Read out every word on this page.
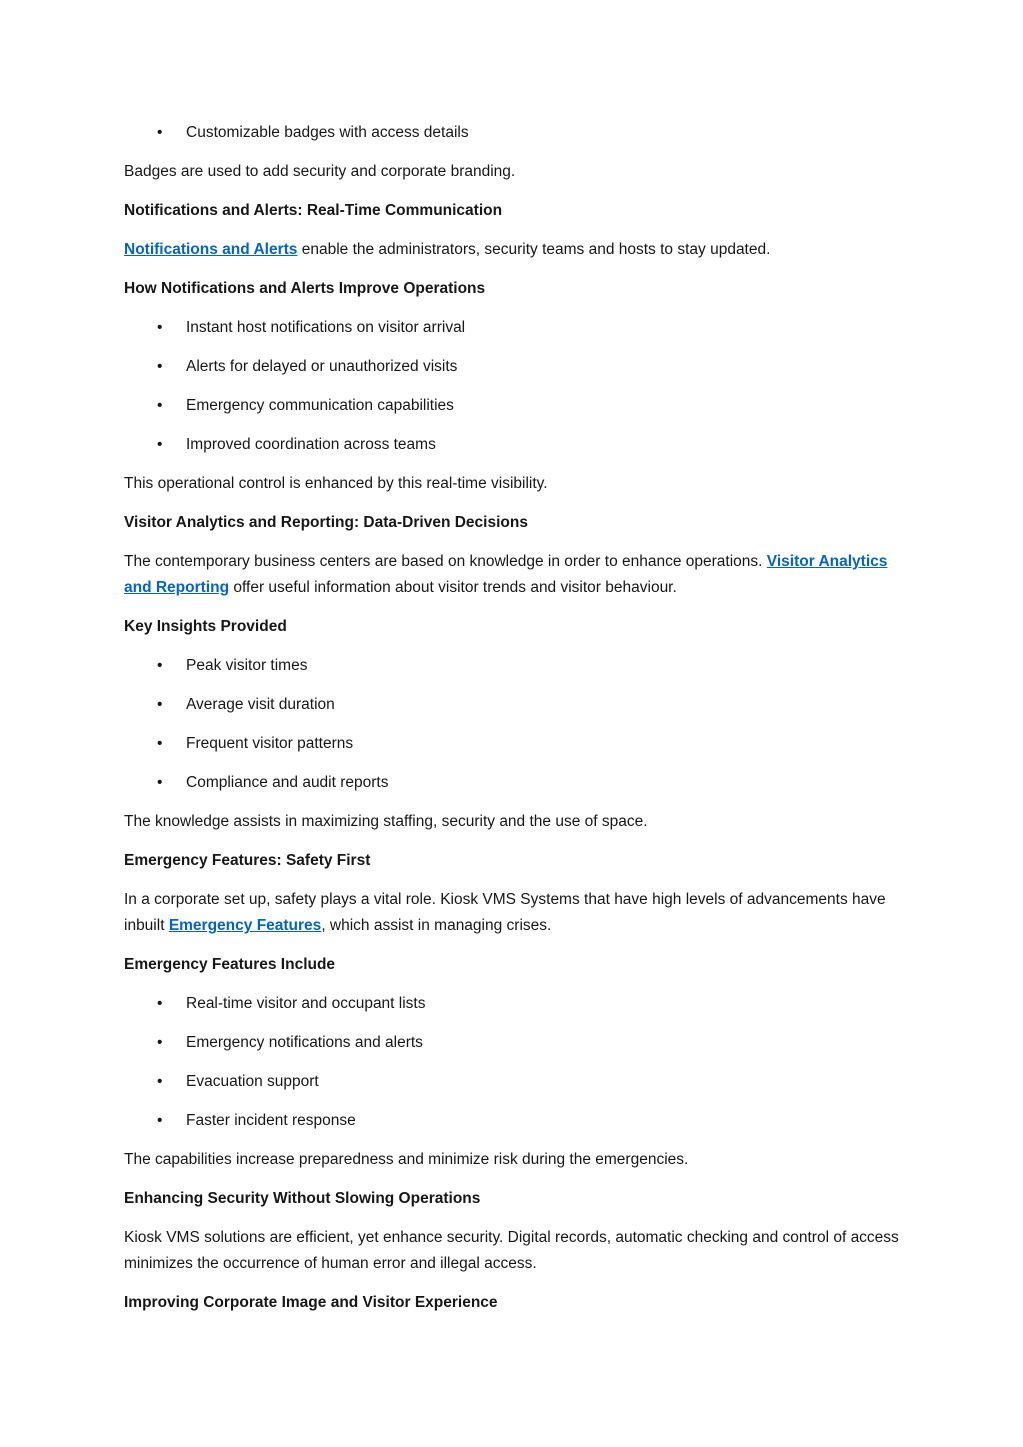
• Customizable badges with access details

Badges are used to add security and corporate branding.

Notifications and Alerts: Real-Time Communication

Notifications and Alerts enable the administrators, security teams and hosts to stay updated.

How Notifications and Alerts Improve Operations
• Instant host notifications on visitor arrival
• Alerts for delayed or unauthorized visits
• Emergency communication capabilities
• Improved coordination across teams

This operational control is enhanced by this real-time visibility.

Visitor Analytics and Reporting: Data-Driven Decisions

The contemporary business centers are based on knowledge in order to enhance operations. Visitor Analytics and Reporting offer useful information about visitor trends and visitor behaviour.

Key Insights Provided
• Peak visitor times
• Average visit duration
• Frequent visitor patterns
• Compliance and audit reports

The knowledge assists in maximizing staffing, security and the use of space.

Emergency Features: Safety First

In a corporate set up, safety plays a vital role. Kiosk VMS Systems that have high levels of advancements have inbuilt Emergency Features, which assist in managing crises.

Emergency Features Include
• Real-time visitor and occupant lists
• Emergency notifications and alerts
• Evacuation support
• Faster incident response

The capabilities increase preparedness and minimize risk during the emergencies.

Enhancing Security Without Slowing Operations

Kiosk VMS solutions are efficient, yet enhance security. Digital records, automatic checking and control of access minimizes the occurrence of human error and illegal access.

Improving Corporate Image and Visitor Experience
